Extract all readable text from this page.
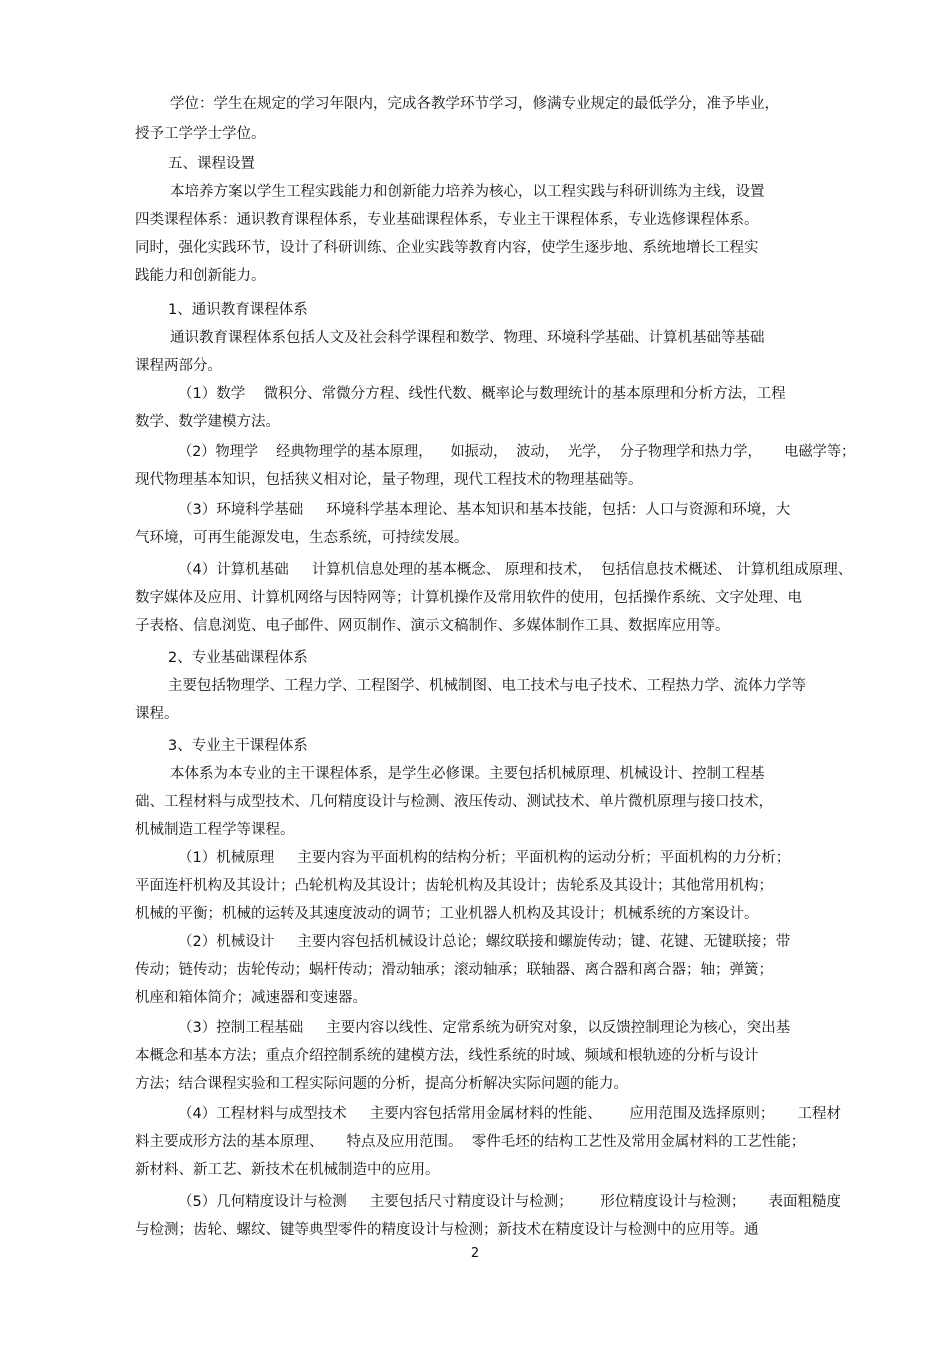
学位：学生在规定的学习年限内，完成各教学环节学习，修满专业规定的最低学分，准予毕业，
授予工学学士学位。
五、课程设置
本培养方案以学生工程实践能力和创新能力培养为核心，以工程实践与科研训练为主线，设置
四类课程体系：通识教育课程体系，专业基础课程体系，专业主干课程体系，专业选修课程体系。
同时，强化实践环节，设计了科研训练、企业实践等教育内容，使学生逐步地、系统地增长工程实
践能力和创新能力。
1、通识教育课程体系
通识教育课程体系包括人文及社会科学课程和数学、物理、环境科学基础、计算机基础等基础
课程两部分。
（1）数学    微积分、常微分方程、线性代数、概率论与数理统计的基本原理和分析方法，工程
数学、数学建模方法。
（2）物理学    经典物理学的基本原理，    如振动，  波动，  光学，  分子物理学和热力学，     电磁学等；
现代物理基本知识，包括狭义相对论，量子物理，现代工程技术的物理基础等。
（3）环境科学基础     环境科学基本理论、基本知识和基本技能，包括：人口与资源和环境，大
气环境，可再生能源发电，生态系统，可持续发展。
（4）计算机基础     计算机信息处理的基本概念、 原理和技术，  包括信息技术概述、 计算机组成原理、
数字媒体及应用、计算机网络与因特网等；计算机操作及常用软件的使用，包括操作系统、文字处理、电
子表格、信息浏览、电子邮件、网页制作、演示文稿制作、多媒体制作工具、数据库应用等。
2、专业基础课程体系
主要包括物理学、工程力学、工程图学、机械制图、电工技术与电子技术、工程热力学、流体力学等
课程。
3、专业主干课程体系
本体系为本专业的主干课程体系，是学生必修课。主要包括机械原理、机械设计、控制工程基
础、工程材料与成型技术、几何精度设计与检测、液压传动、测试技术、单片微机原理与接口技术，
机械制造工程学等课程。
（1）机械原理     主要内容为平面机构的结构分析；平面机构的运动分析；平面机构的力分析；
平面连杆机构及其设计；凸轮机构及其设计；齿轮机构及其设计；齿轮系及其设计；其他常用机构；
机械的平衡；机械的运转及其速度波动的调节；工业机器人机构及其设计；机械系统的方案设计。
（2）机械设计     主要内容包括机械设计总论；螺纹联接和螺旋传动；键、花键、无键联接；带
传动；链传动；齿轮传动；蜗杆传动；滑动轴承；滚动轴承；联轴器、离合器和离合器；轴；弹簧；
机座和箱体简介；减速器和变速器。
（3）控制工程基础     主要内容以线性、定常系统为研究对象，以反馈控制理论为核心，突出基
本概念和基本方法；重点介绍控制系统的建模方法，线性系统的时域、频域和根轨迹的分析与设计
方法；结合课程实验和工程实际问题的分析，提高分析解决实际问题的能力。
（4）工程材料与成型技术     主要内容包括常用金属材料的性能、      应用范围及选择原则；     工程材
料主要成形方法的基本原理、     特点及应用范围。  零件毛坯的结构工艺性及常用金属材料的工艺性能；
新材料、新工艺、新技术在机械制造中的应用。
（5）几何精度设计与检测     主要包括尺寸精度设计与检测；      形位精度设计与检测；     表面粗糙度
与检测；齿轮、螺纹、键等典型零件的精度设计与检测；新技术在精度设计与检测中的应用等。通
2
